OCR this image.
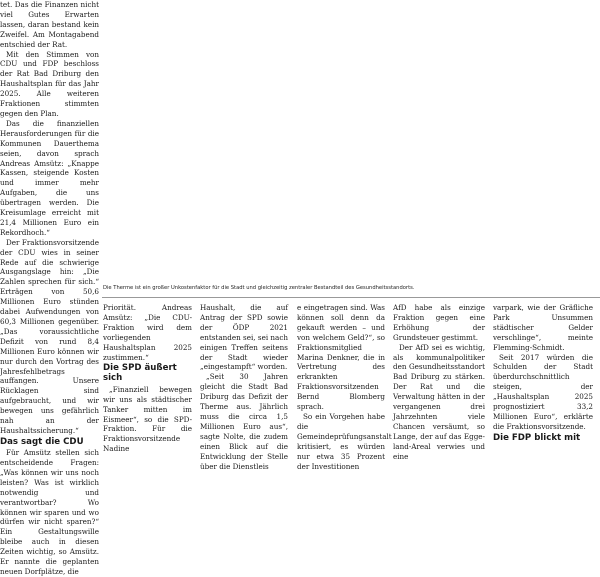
tet. Das die Finanzen nicht viel Gutes Erwarten lassen, daran bestand kein Zweifel. Am Montagabend entschied der Rat.

Mit den Stimmen von CDU und FDP beschloss der Rat Bad Driburg den Haushaltsplan für das Jahr 2025. Alle weiteren Fraktionen stimmten gegen den Plan.

Das die finanziellen Herausforderungen für die Kommunen Dauerthema seien, davon sprach Andreas Amsütz: „Knappe Kassen, steigende Kosten und immer mehr Aufgaben, die uns übertragen werden. Die Kreisumlage erreicht mit 21,4 Millionen Euro ein Rekordhoch.“

Der Fraktionsvorsitzende der CDU wies in seiner Rede auf die schwierige Ausgangslage hin: „Die Zahlen sprechen für sich.“ Erträgen von 50,6 Millionen Euro stünden dabei Aufwendungen von 60,3 Millionen gegenüber. „Das voraussichtliche Defizit von rund 8,4 Millionen Euro können wir nur durch den Vortrag des Jahresfehlbetrags auffangen. Unsere Rücklagen sind aufgebraucht, und wir bewegen uns gefährlich nah an der Haushaltssicherung.“

Das sagt die CDU

Für Amsütz stellen sich entscheidende Fragen: „Was können wir uns noch leisten? Was ist wirklich notwendig und verantwortbar? Wo können wir sparen und wo dürfen wir nicht sparen?“ Ein Gestaltungswille bleibe auch in diesen Zeiten wichtig, so Amsütz. Er nannte die geplanten neuen Dorfplätze, die

Die Therme ist ein großer Unkostenfaktor für die Stadt und gleichzeitig zentraler Bestandteil des Gesundheitsstandorts.

Priorität. Andreas Amsütz: „Die CDU-Fraktion wird dem vorliegenden Haushaltsplan 2025 zustimmen.“

Die SPD äußert sich

„Finanziell bewegen wir uns als städtischer Tanker mitten im Eismeer“, so die SPD-Fraktion. Für die Fraktionsvorsitzende Nadine

Haushalt, die auf Antrag der SPD sowie der ÖDP 2021 entstanden sei, sei nach einigen Treffen seitens der Stadt wieder „eingestampft“ worden.

„Seit 30 Jahren gleicht die Stadt Bad Driburg das Defizit der Therme aus. Jährlich muss die circa 1,5 Millionen Euro aus“, sagte Nolte, die zudem einen Blick auf die Entwicklung der Stelle über die Dienstleis

e eingetragen sind. Was können soll denn da gekauft werden – und von welchem Geld?“, so Fraktionsmitglied Marina Denkner, die in Vertretung des erkrankten Fraktionsvorsitzenden Bernd Blomberg sprach.

So ein Vorgehen habe die Gemeindeprüfungsanstalt kritisiert, es würden nur etwa 35 Prozent der Investitionen

AfD habe als einzige Fraktion gegen eine Erhöhung der Grundsteuer gestimmt.

Der AfD sei es wichtig, als kommunalpolitiker den Gesundheitsstandort Bad Driburg zu stärken. Der Rat und die Verwaltung hätten in der vergangenen drei Jahrzehnten viele Chancen versäumt, so Lange, der auf das Egge-land-Areal verwies und eine

varpark, wie der Gräfliche Park Unsummen städtischer Gelder verschlinge“, meinte Flemming-Schmidt.

Seit 2017 würden die Schulden der Stadt überdurchschnittlich steigen, der „Haushaltsplan 2025 prognostiziert 33,2 Millionen Euro“, erklärte die Fraktionsvorsitzende.

Die FDP blickt mit
